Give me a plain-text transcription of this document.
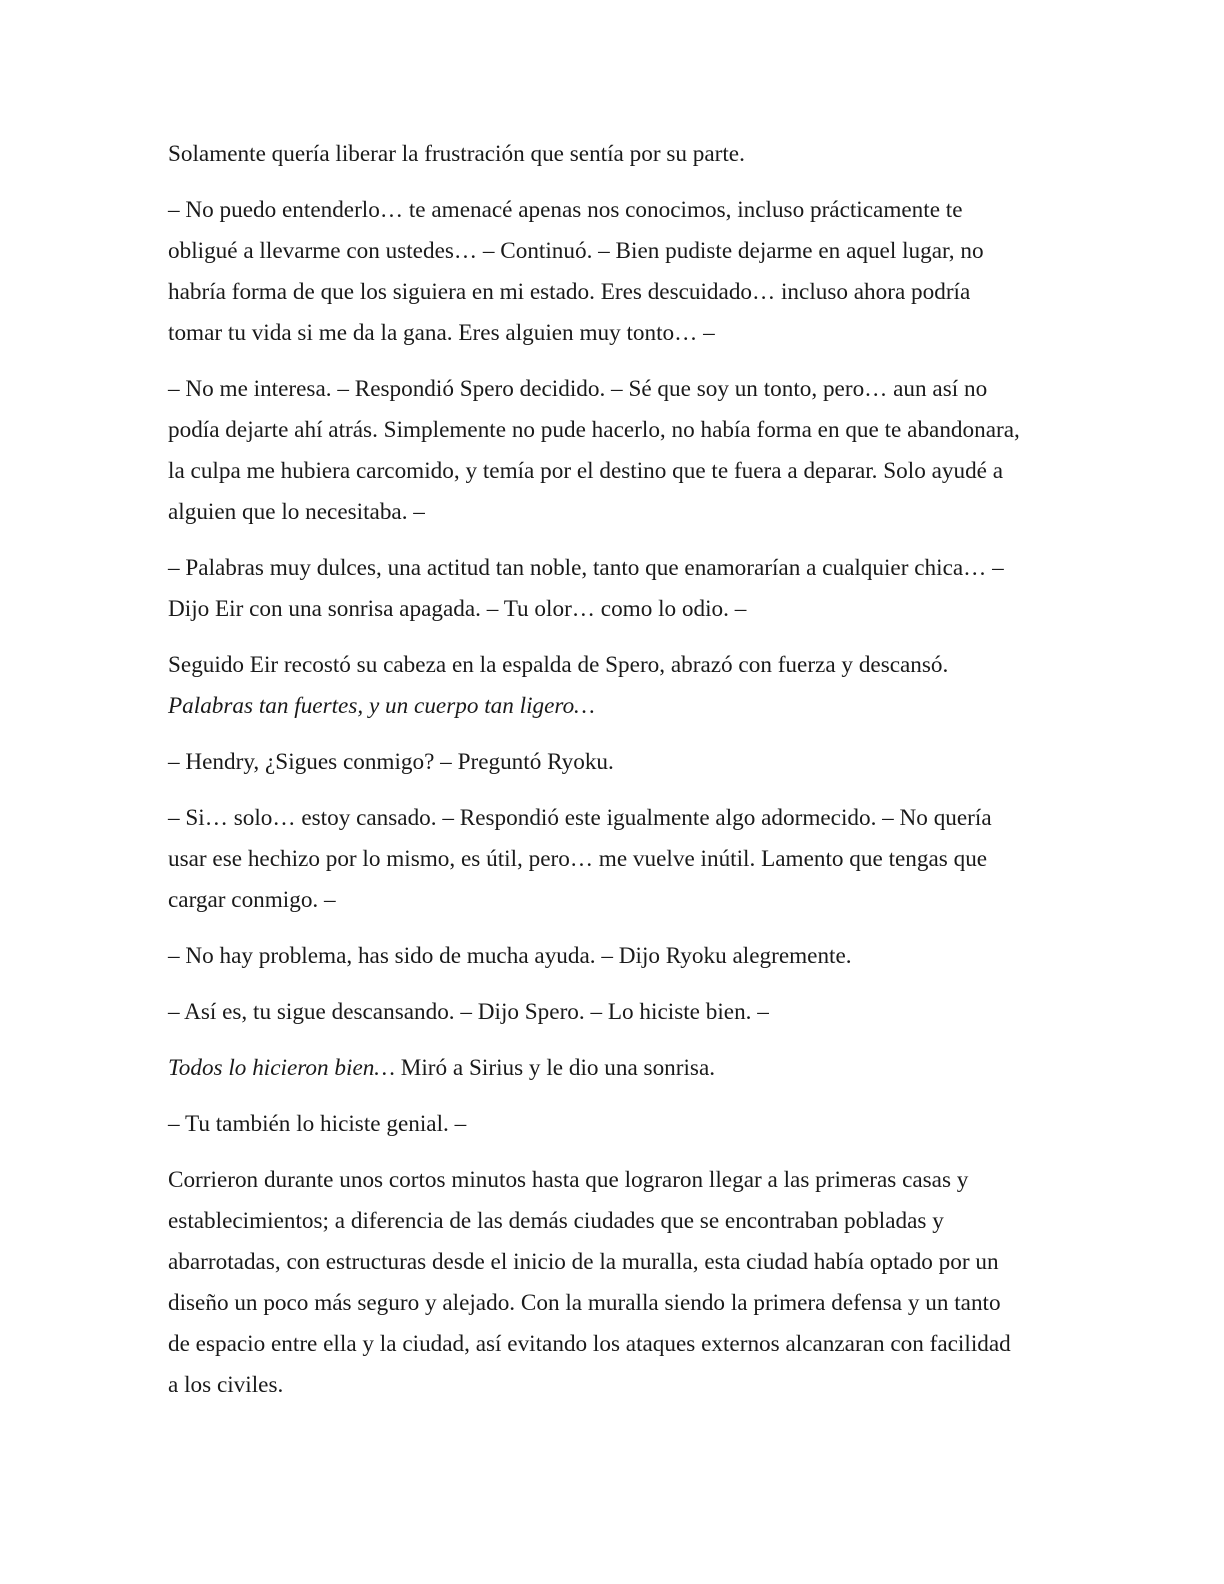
Solamente quería liberar la frustración que sentía por su parte.

– No puedo entenderlo… te amenacé apenas nos conocimos, incluso prácticamente te
obligué a llevarme con ustedes… – Continuó. – Bien pudiste dejarme en aquel lugar, no
habría forma de que los siguiera en mi estado. Eres descuidado… incluso ahora podría
tomar tu vida si me da la gana. Eres alguien muy tonto… –

– No me interesa. – Respondió Spero decidido. – Sé que soy un tonto, pero… aun así no
podía dejarte ahí atrás. Simplemente no pude hacerlo, no había forma en que te abandonara,
la culpa me hubiera carcomido, y temía por el destino que te fuera a deparar. Solo ayudé a
alguien que lo necesitaba. –

– Palabras muy dulces, una actitud tan noble, tanto que enamorarían a cualquier chica… –
Dijo Eir con una sonrisa apagada. – Tu olor… como lo odio. –

Seguido Eir recostó su cabeza en la espalda de Spero, abrazó con fuerza y descansó.
Palabras tan fuertes, y un cuerpo tan ligero…

– Hendry, ¿Sigues conmigo? – Preguntó Ryoku.

– Si… solo… estoy cansado. – Respondió este igualmente algo adormecido. – No quería
usar ese hechizo por lo mismo, es útil, pero… me vuelve inútil. Lamento que tengas que
cargar conmigo. –

– No hay problema, has sido de mucha ayuda. – Dijo Ryoku alegremente.

– Así es, tu sigue descansando. – Dijo Spero. – Lo hiciste bien. –

Todos lo hicieron bien… Miró a Sirius y le dio una sonrisa.

– Tu también lo hiciste genial. –

Corrieron durante unos cortos minutos hasta que lograron llegar a las primeras casas y
establecimientos; a diferencia de las demás ciudades que se encontraban pobladas y
abarrotadas, con estructuras desde el inicio de la muralla, esta ciudad había optado por un
diseño un poco más seguro y alejado. Con la muralla siendo la primera defensa y un tanto
de espacio entre ella y la ciudad, así evitando los ataques externos alcanzaran con facilidad
a los civiles.
